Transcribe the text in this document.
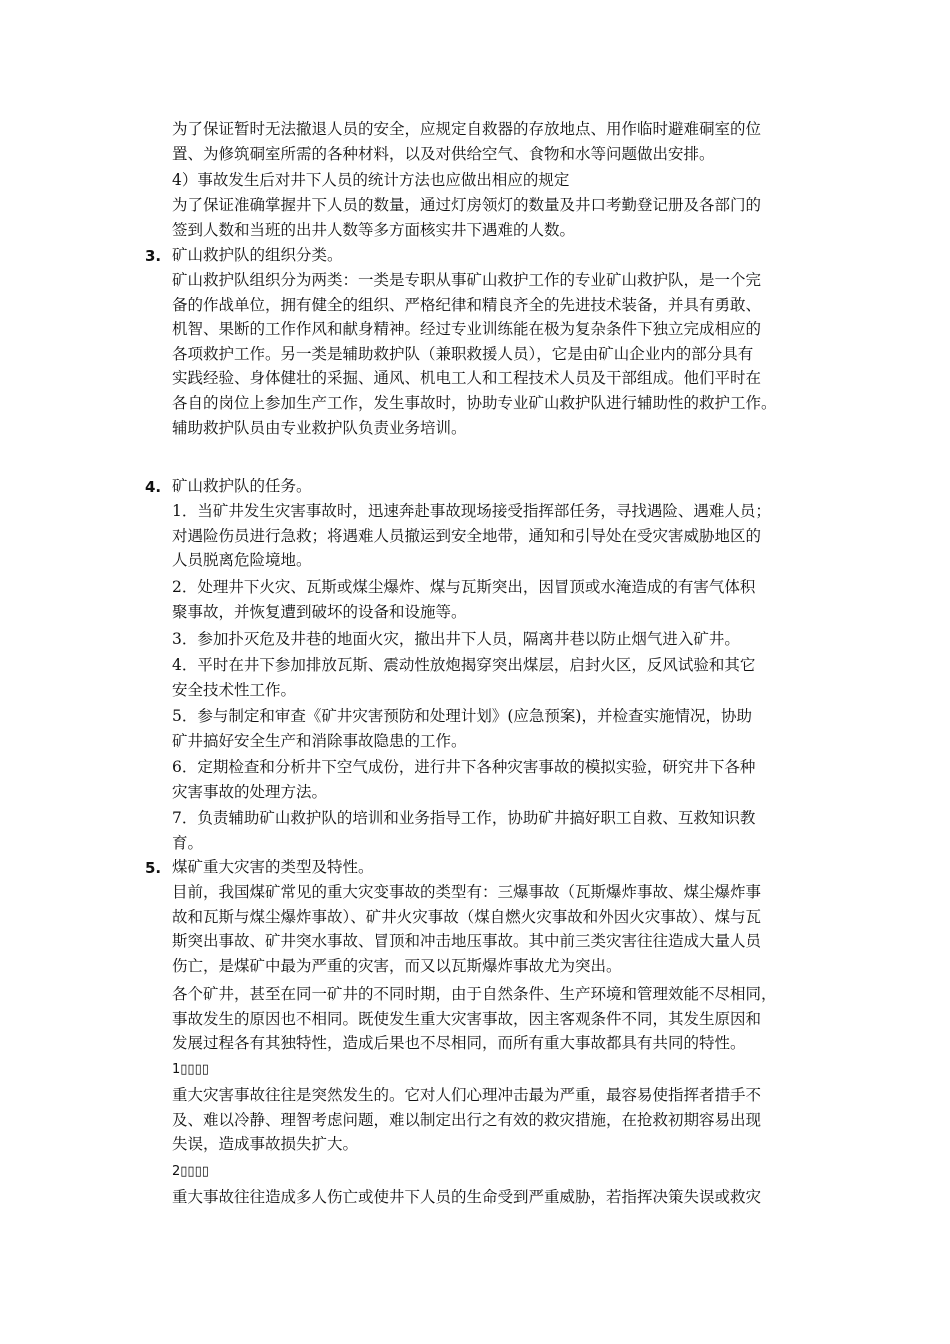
为了保证暂时无法撤退人员的安全，应规定自救器的存放地点、用作临时避难硐室的位
置、为修筑硐室所需的各种材料，以及对供给空气、食物和水等问题做出安排。
4）事故发生后对井下人员的统计方法也应做出相应的规定
为了保证准确掌握井下人员的数量，通过灯房领灯的数量及井口考勤登记册及各部门的
签到人数和当班的出井人数等多方面核实井下遇难的人数。
3. 矿山救护队的组织分类。
矿山救护队组织分为两类：一类是专职从事矿山救护工作的专业矿山救护队，是一个完
备的作战单位，拥有健全的组织、严格纪律和精良齐全的先进技术装备，并具有勇敢、
机智、果断的工作作风和献身精神。经过专业训练能在极为复杂条件下独立完成相应的
各项救护工作。另一类是辅助救护队（兼职救援人员），它是由矿山企业内的部分具有
实践经验、身体健壮的采掘、通风、机电工人和工程技术人员及干部组成。他们平时在
各自的岗位上参加生产工作，发生事故时，协助专业矿山救护队进行辅助性的救护工作。
辅助救护队员由专业救护队负责业务培训。
4. 矿山救护队的任务。
1．当矿井发生灾害事故时，迅速奔赴事故现场接受指挥部任务，寻找遇险、遇难人员；
对遇险伤员进行急救；将遇难人员撤运到安全地带，通知和引导处在受灾害威胁地区的
人员脱离危险境地。
2．处理井下火灾、瓦斯或煤尘爆炸、煤与瓦斯突出，因冒顶或水淹造成的有害气体积
聚事故，并恢复遭到破坏的设备和设施等。
3．参加扑灭危及井巷的地面火灾，撤出井下人员，隔离井巷以防止烟气进入矿井。
4．平时在井下参加排放瓦斯、震动性放炮揭穿突出煤层，启封火区，反风试验和其它
安全技术性工作。
5．参与制定和审查《矿井灾害预防和处理计划》(应急预案)，并检查实施情况，协助
矿井搞好安全生产和消除事故隐患的工作。
6．定期检查和分析井下空气成份，进行井下各种灾害事故的模拟实验，研究井下各种
灾害事故的处理方法。
7．负责辅助矿山救护队的培训和业务指导工作，协助矿井搞好职工自救、互救知识教
育。
5. 煤矿重大灾害的类型及特性。
目前，我国煤矿常见的重大灾变事故的类型有：三爆事故（瓦斯爆炸事故、煤尘爆炸事
故和瓦斯与煤尘爆炸事故）、矿井火灾事故（煤自燃火灾事故和外因火灾事故）、煤与瓦
斯突出事故、矿井突水事故、冒顶和冲击地压事故。其中前三类灾害往往造成大量人员
伤亡，是煤矿中最为严重的灾害，而又以瓦斯爆炸事故尤为突出。
各个矿井，甚至在同一矿井的不同时期，由于自然条件、生产环境和管理效能不尽相同，
事故发生的原因也不相同。既使发生重大灾害事故，因主客观条件不同，其发生原因和
发展过程各有其独特性，造成后果也不尽相同，而所有重大事故都具有共同的特性。
1▯▯▯▯
重大灾害事故往往是突然发生的。它对人们心理冲击最为严重，最容易使指挥者措手不
及、难以冷静、理智考虑问题，难以制定出行之有效的救灾措施，在抢救初期容易出现
失误，造成事故损失扩大。
2▯▯▯▯
重大事故往往造成多人伤亡或使井下人员的生命受到严重威胁，若指挥决策失误或救灾
